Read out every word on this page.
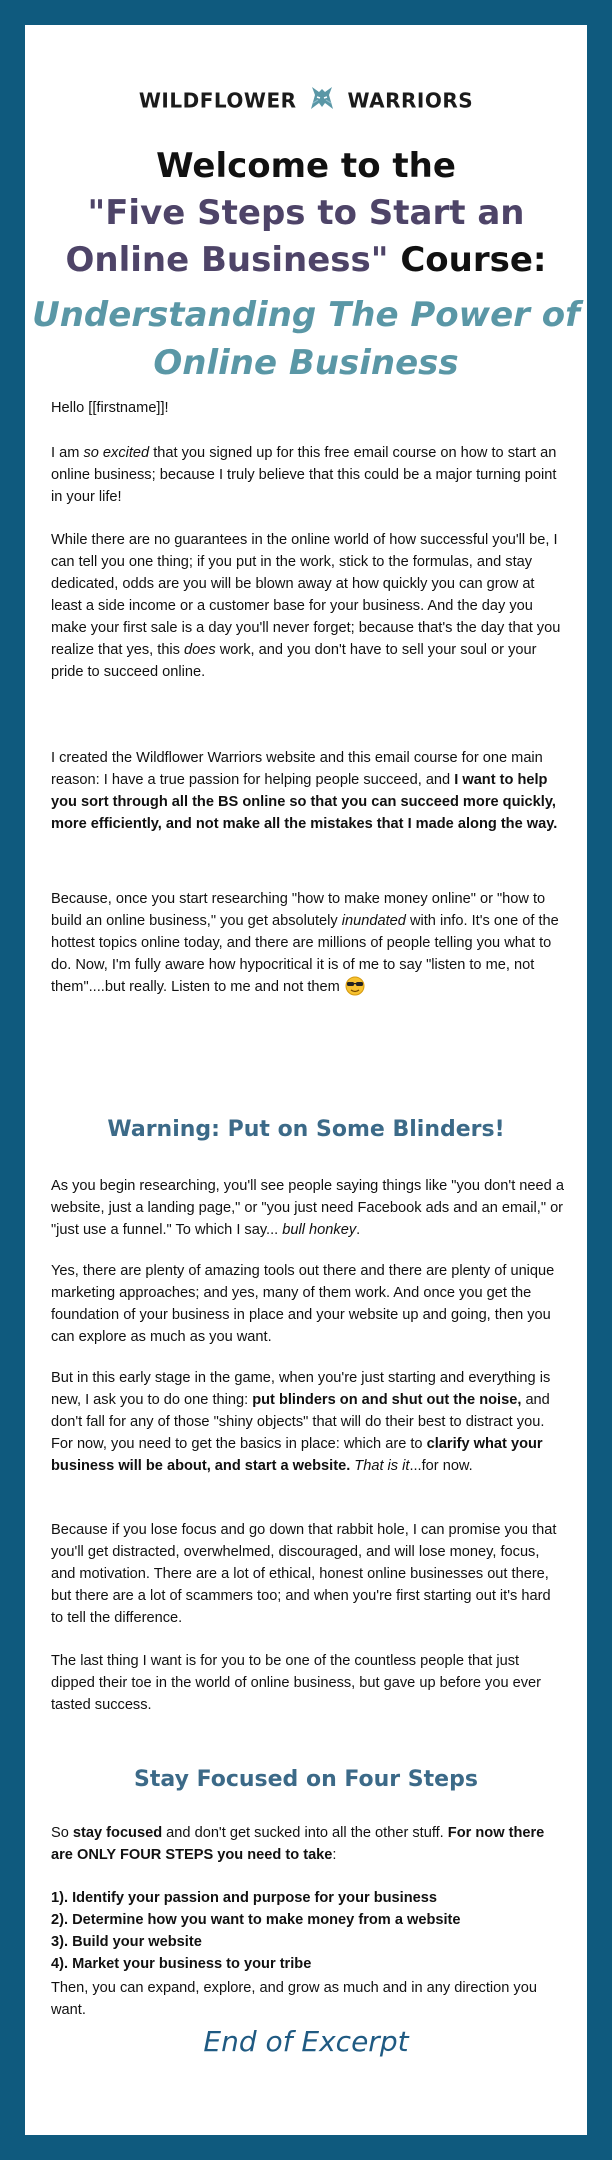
WILDFLOWER	WARRIORS
Welcome to the
"Five Steps to Start an
Online Business" Course:
Understanding The Power of
Online Business

Hello [[firstname]]!

I am so excited that you signed up for this free email course on how to start an online business; because I truly believe that this could be a major turning point in your life!

While there are no guarantees in the online world of how successful you'll be, I can tell you one thing; if you put in the work, stick to the formulas, and stay dedicated, odds are you will be blown away at how quickly you can grow at least a side income or a customer base for your business. And the day you make your first sale is a day you'll never forget; because that's the day that you realize that yes, this does work, and you don't have to sell your soul or your pride to succeed online.

I created the Wildflower Warriors website and this email course for one main reason: I have a true passion for helping people succeed, and I want to help you sort through all the BS online so that you can succeed more quickly, more efficiently, and not make all the mistakes that I made along the way.

Because, once you start researching "how to make money online" or "how to build an online business," you get absolutely inundated with info. It's one of the hottest topics online today, and there are millions of people telling you what to do. Now, I'm fully aware how hypocritical it is of me to say "listen to me, not them"....but really. Listen to me and not them

Warning: Put on Some Blinders!

As you begin researching, you'll see people saying things like "you don't need a website, just a landing page," or "you just need Facebook ads and an email," or "just use a funnel." To which I say... bull honkey.

Yes, there are plenty of amazing tools out there and there are plenty of unique marketing approaches; and yes, many of them work. And once you get the foundation of your business in place and your website up and going, then you can explore as much as you want.

But in this early stage in the game, when you're just starting and everything is new, I ask you to do one thing: put blinders on and shut out the noise, and don't fall for any of those "shiny objects" that will do their best to distract you. For now, you need to get the basics in place: which are to clarify what your business will be about, and start a website. That is it...for now.

Because if you lose focus and go down that rabbit hole, I can promise you that you'll get distracted, overwhelmed, discouraged, and will lose money, focus, and motivation. There are a lot of ethical, honest online businesses out there, but there are a lot of scammers too; and when you're first starting out it's hard to tell the difference.

The last thing I want is for you to be one of the countless people that just dipped their toe in the world of online business, but gave up before you ever tasted success.

Stay Focused on Four Steps

So stay focused and don't get sucked into all the other stuff. For now there are ONLY FOUR STEPS you need to take:

1). Identify your passion and purpose for your business
2). Determine how you want to make money from a website
3). Build your website
4). Market your business to your tribe

Then, you can expand, explore, and grow as much and in any direction you want.

End of Excerpt
